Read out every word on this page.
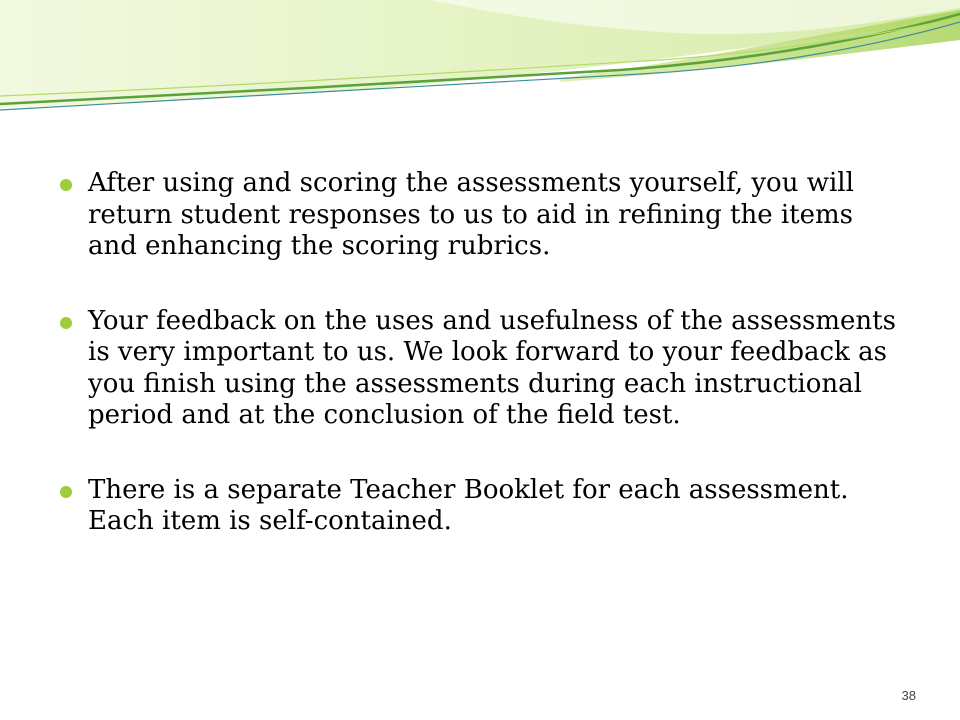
After using and scoring the assessments yourself, you will return student responses to us to aid in refining the items and enhancing the scoring rubrics.
Your feedback on the uses and usefulness of the assessments is very important to us. We look forward to your feedback as you finish using the assessments during each instructional period and at the conclusion of the field test.
There is a separate Teacher Booklet for each assessment. Each item is self-contained.
38
